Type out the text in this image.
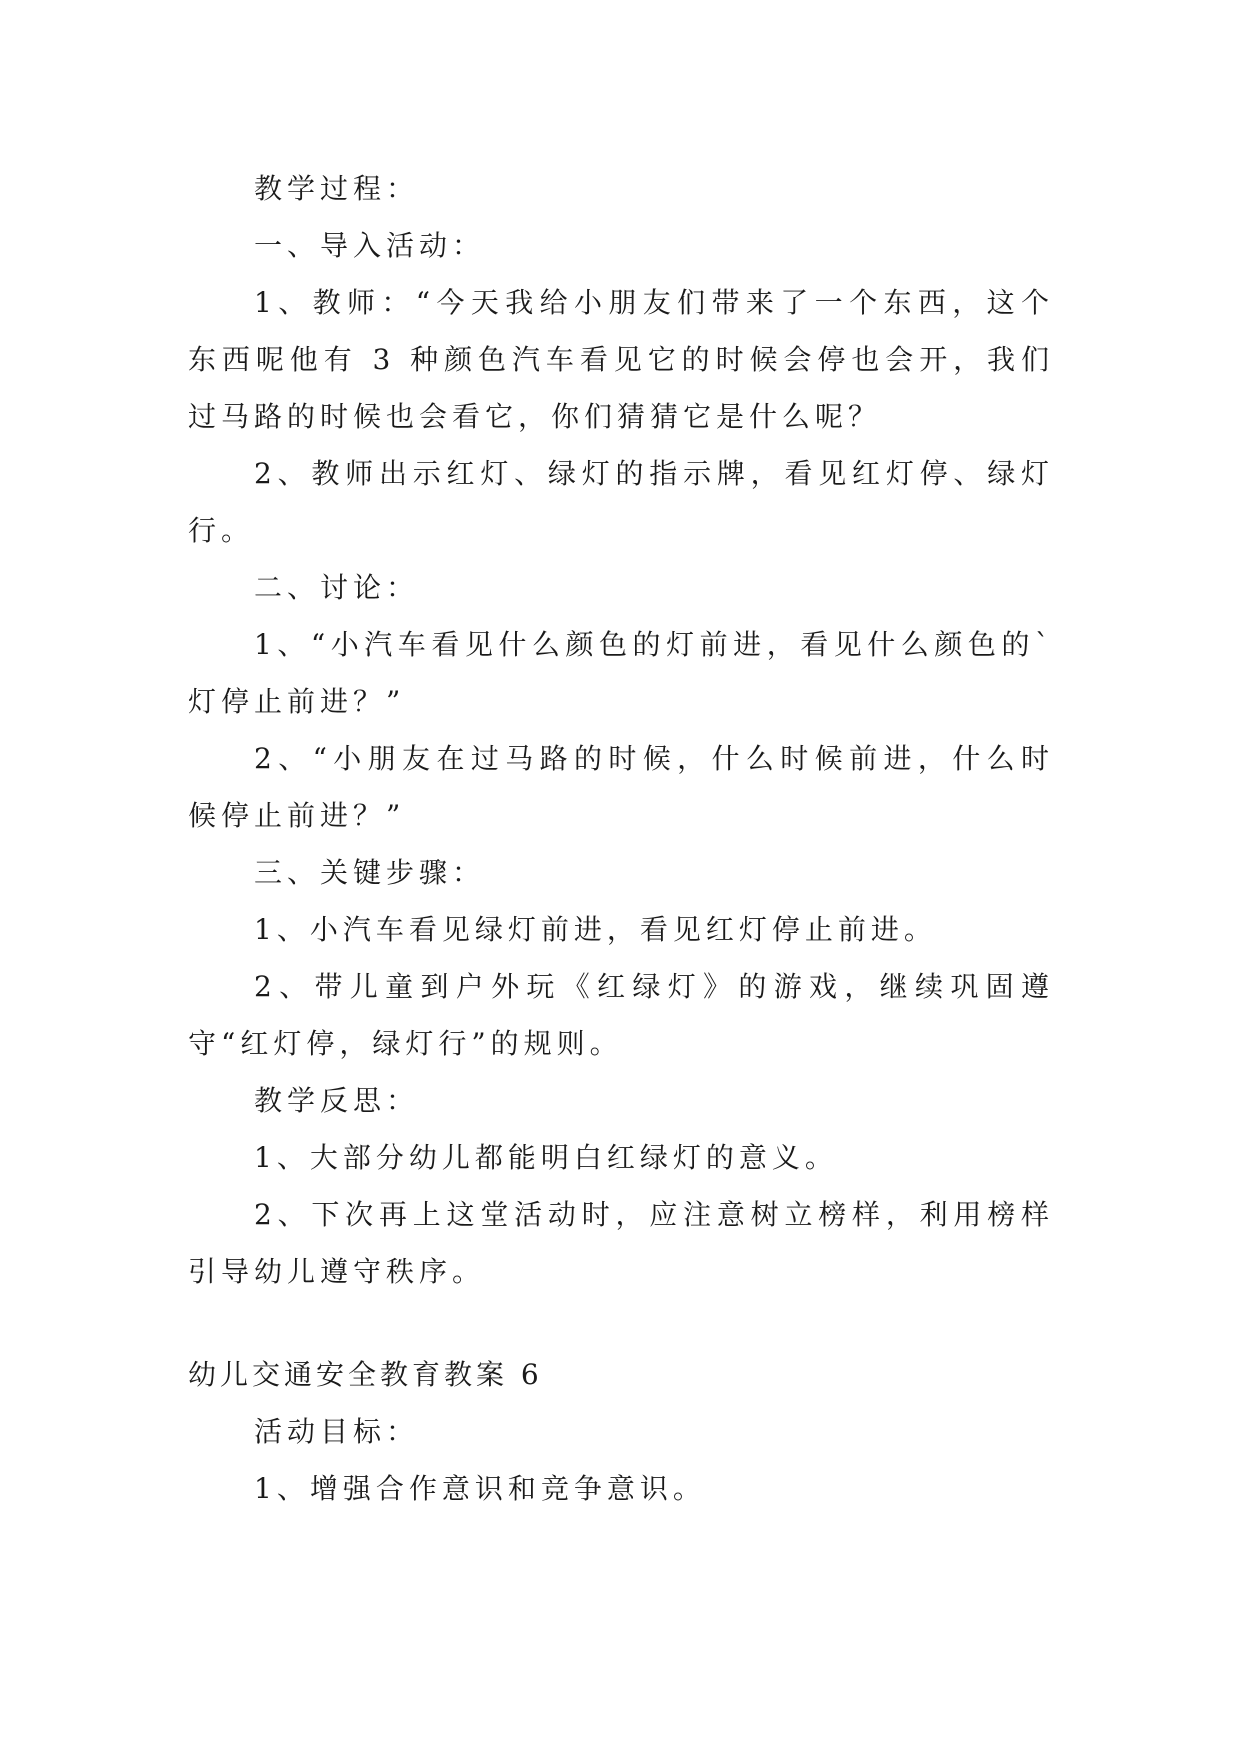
教学过程：

一、导入活动：

1、教师：“今天我给小朋友们带来了一个东西，这个东西呢他有 3 种颜色汽车看见它的时候会停也会开，我们过马路的时候也会看它，你们猜猜它是什么呢？

2、教师出示红灯、绿灯的指示牌，看见红灯停、绿灯行。

二、讨论：

1、“小汽车看见什么颜色的灯前进，看见什么颜色的`灯停止前进？”

2、“小朋友在过马路的时候，什么时候前进，什么时候停止前进？”

三、关键步骤：

1、小汽车看见绿灯前进，看见红灯停止前进。

2、带儿童到户外玩《红绿灯》的游戏，继续巩固遵守“红灯停，绿灯行”的规则。

教学反思：

1、大部分幼儿都能明白红绿灯的意义。

2、下次再上这堂活动时，应注意树立榜样，利用榜样引导幼儿遵守秩序。

幼儿交通安全教育教案 6

活动目标：

1、增强合作意识和竞争意识。
